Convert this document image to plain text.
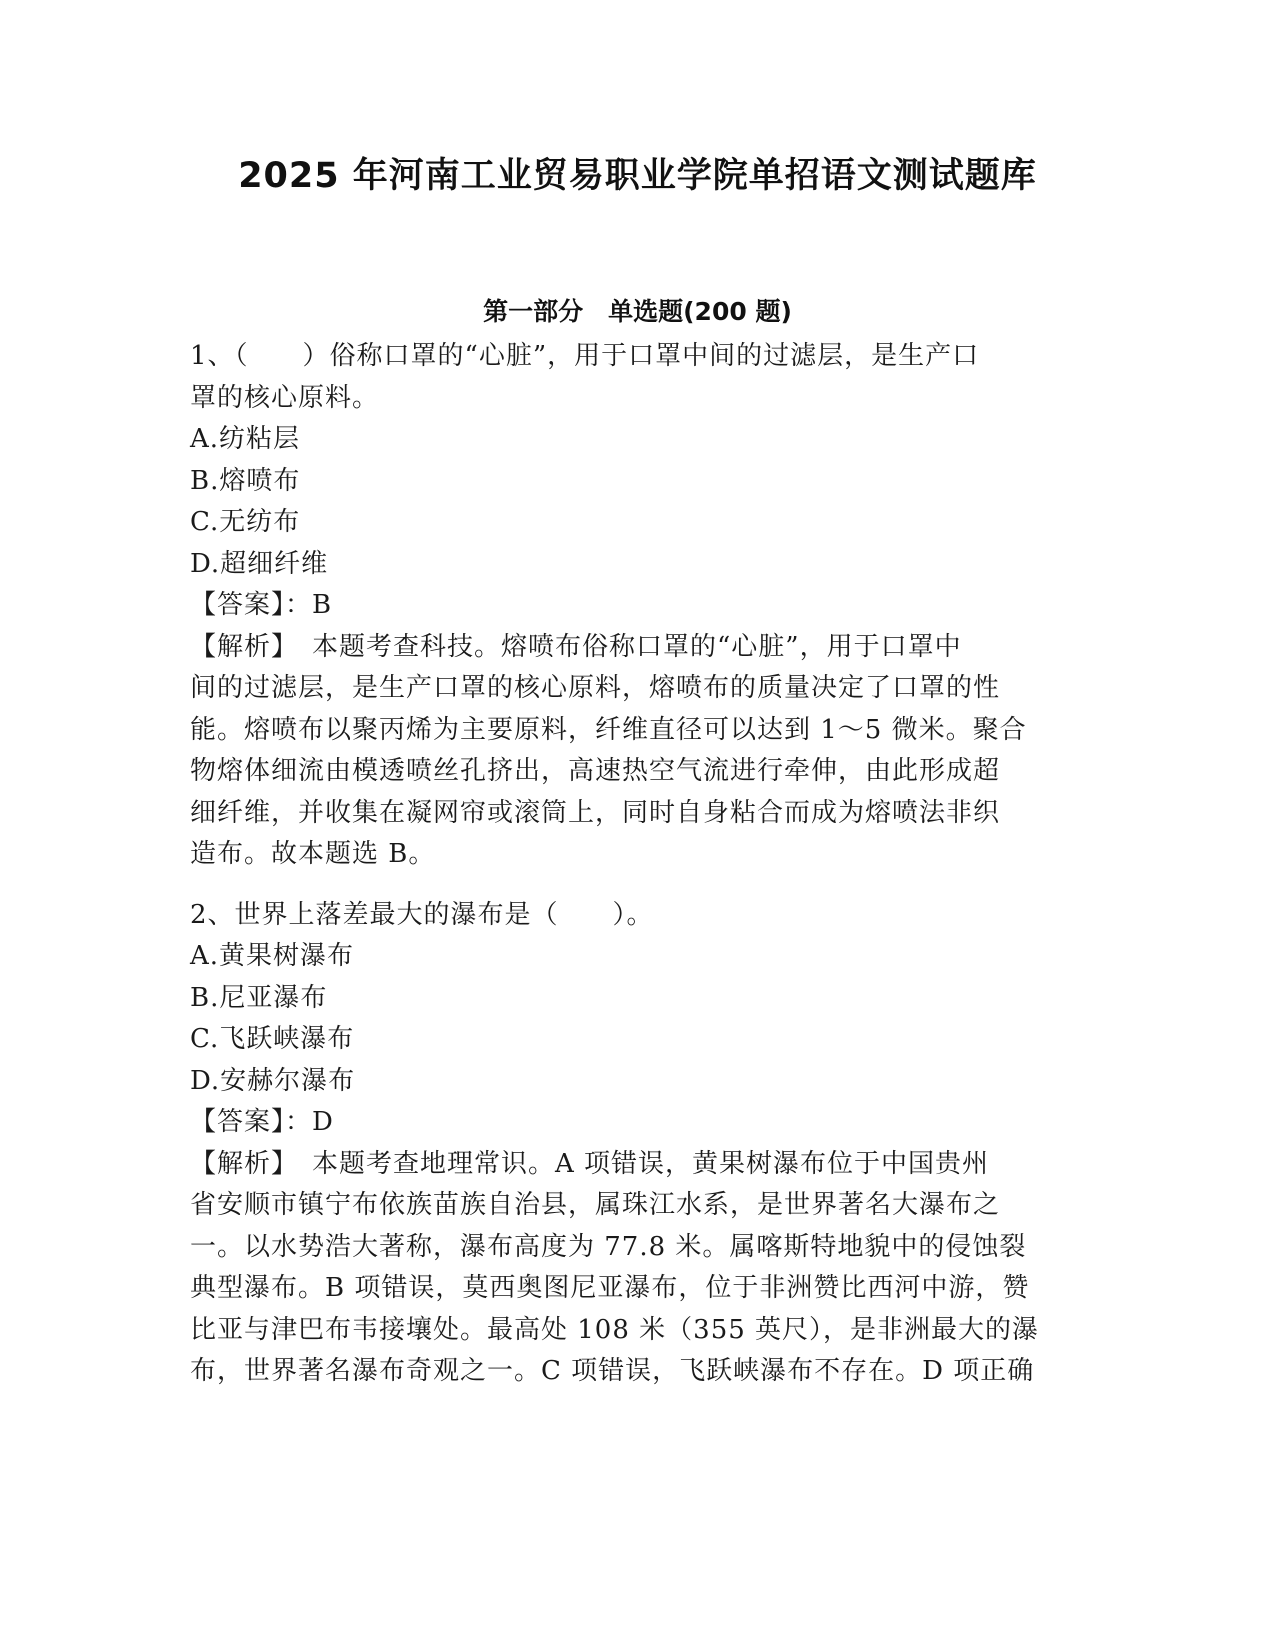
2025 年河南工业贸易职业学院单招语文测试题库
第一部分　单选题(200 题)
1、（　　）俗称口罩的“心脏”，用于口罩中间的过滤层，是生产口
罩的核心原料。
A.纺粘层
B.熔喷布
C.无纺布
D.超细纤维
【答案】：B
【解析】　本题考查科技。熔喷布俗称口罩的“心脏”，用于口罩中
间的过滤层，是生产口罩的核心原料，熔喷布的质量决定了口罩的性
能。熔喷布以聚丙烯为主要原料，纤维直径可以达到 1～5 微米。聚合
物熔体细流由模透喷丝孔挤出，高速热空气流进行牵伸，由此形成超
细纤维，并收集在凝网帘或滚筒上，同时自身粘合而成为熔喷法非织
造布。故本题选 B。
2、世界上落差最大的瀑布是（　　）。
A.黄果树瀑布
B.尼亚瀑布
C.飞跃峡瀑布
D.安赫尔瀑布
【答案】：D
【解析】　本题考查地理常识。A 项错误，黄果树瀑布位于中国贵州
省安顺市镇宁布依族苗族自治县，属珠江水系，是世界著名大瀑布之
一。以水势浩大著称，瀑布高度为 77.8 米。属喀斯特地貌中的侵蚀裂
典型瀑布。B 项错误，莫西奥图尼亚瀑布，位于非洲赞比西河中游，赞
比亚与津巴布韦接壤处。最高处 108 米（355 英尺），是非洲最大的瀑
布，世界著名瀑布奇观之一。C 项错误，飞跃峡瀑布不存在。D 项正确
